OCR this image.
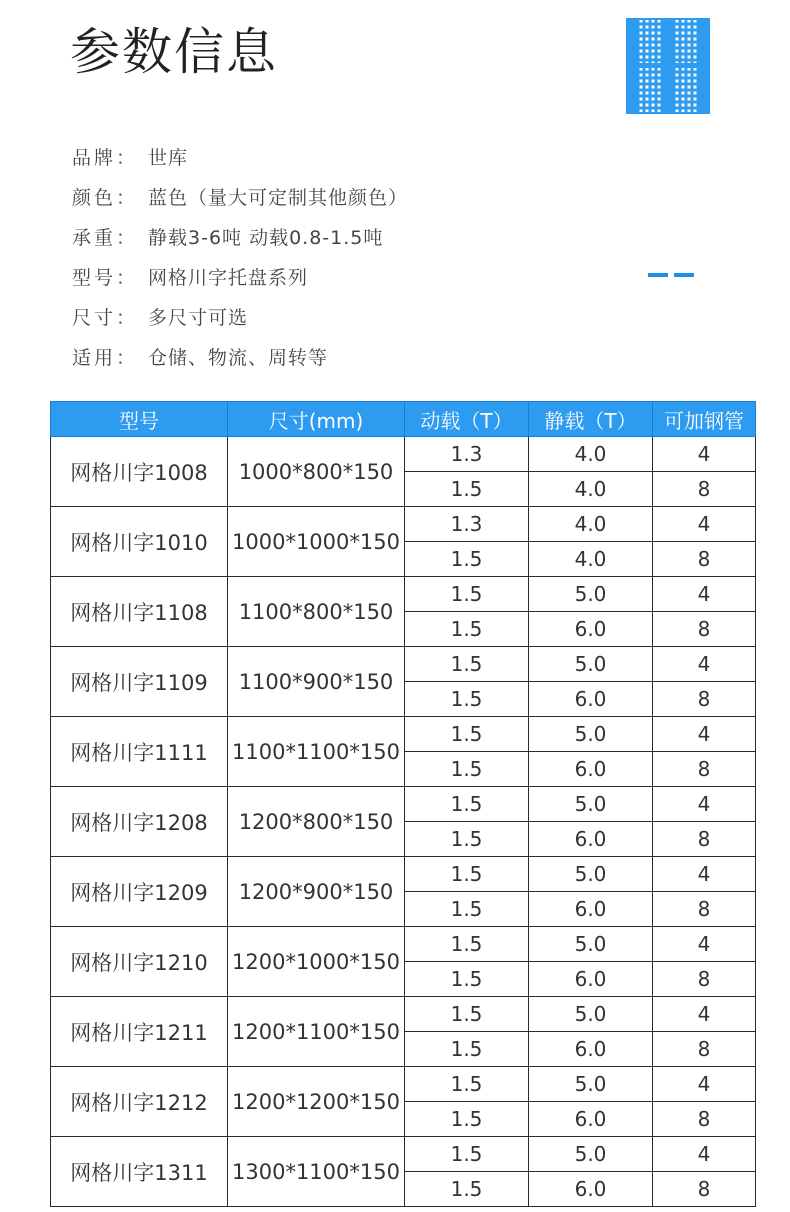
参数信息
品牌： 世库
颜色： 蓝色（量大可定制其他颜色）
承重： 静载3-6吨 动载0.8-1.5吨
型号： 网格川字托盘系列
尺寸： 多尺寸可选
适用： 仓储、物流、周转等
型号	尺寸(mm)	动载（T）	静载（T）	可加钢管
网格川字1008	1000*800*150	1.3	4.0	4
		1.5	4.0	8
网格川字1010	1000*1000*150	1.3	4.0	4
		1.5	4.0	8
网格川字1108	1100*800*150	1.5	5.0	4
		1.5	6.0	8
网格川字1109	1100*900*150	1.5	5.0	4
		1.5	6.0	8
网格川字1111	1100*1100*150	1.5	5.0	4
		1.5	6.0	8
网格川字1208	1200*800*150	1.5	5.0	4
		1.5	6.0	8
网格川字1209	1200*900*150	1.5	5.0	4
		1.5	6.0	8
网格川字1210	1200*1000*150	1.5	5.0	4
		1.5	6.0	8
网格川字1211	1200*1100*150	1.5	5.0	4
		1.5	6.0	8
网格川字1212	1200*1200*150	1.5	5.0	4
		1.5	6.0	8
网格川字1311	1300*1100*150	1.5	5.0	4
		1.5	6.0	8
